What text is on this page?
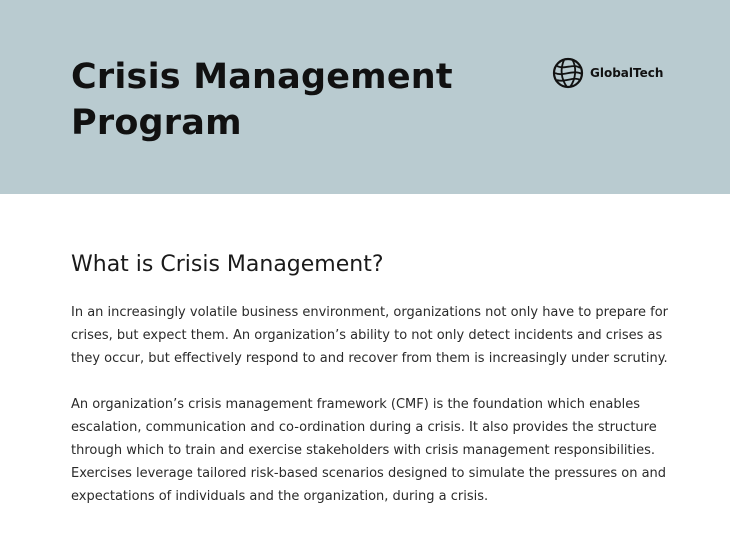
Crisis Management
Program
GlobalTech
What is Crisis Management?

In an increasingly volatile business environment, organizations not only have to prepare for crises, but expect them. An organization’s ability to not only detect incidents and crises as they occur, but effectively respond to and recover from them is increasingly under scrutiny.

An organization’s crisis management framework (CMF) is the foundation which enables escalation, communication and co-ordination during a crisis. It also provides the structure through which to train and exercise stakeholders with crisis management responsibilities. Exercises leverage tailored risk-based scenarios designed to simulate the pressures on and expectations of individuals and the organization, during a crisis.
